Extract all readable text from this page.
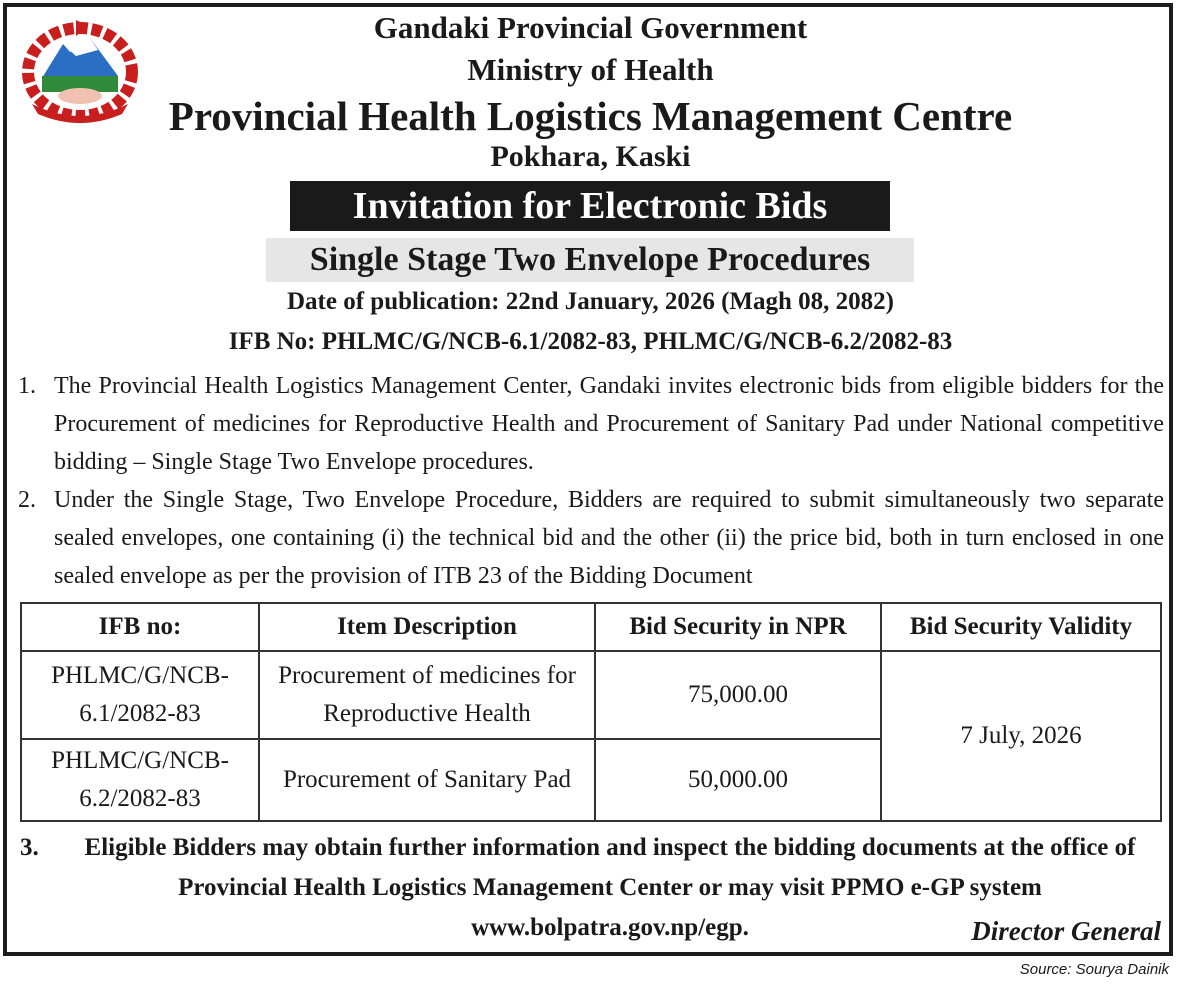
Gandaki Provincial Government
Ministry of Health
Provincial Health Logistics Management Centre
Pokhara, Kaski
Invitation for Electronic Bids
Single Stage Two Envelope Procedures
Date of publication: 22nd January, 2026 (Magh 08, 2082)
IFB No: PHLMC/G/NCB-6.1/2082-83, PHLMC/G/NCB-6.2/2082-83
1. The Provincial Health Logistics Management Center, Gandaki invites electronic bids from eligible bidders for the Procurement of medicines for Reproductive Health and Procurement of Sanitary Pad under National competitive bidding – Single Stage Two Envelope procedures.
2. Under the Single Stage, Two Envelope Procedure, Bidders are required to submit simultaneously two separate sealed envelopes, one containing (i) the technical bid and the other (ii) the price bid, both in turn enclosed in one sealed envelope as per the provision of ITB 23 of the Bidding Document
IFB no:	Item Description	Bid Security in NPR	Bid Security Validity
PHLMC/G/NCB-6.1/2082-83	Procurement of medicines for Reproductive Health	75,000.00	7 July, 2026
PHLMC/G/NCB-6.2/2082-83	Procurement of Sanitary Pad	50,000.00	
3.	Eligible Bidders may obtain further information and inspect the bidding documents at the office of Provincial Health Logistics Management Center or may visit PPMO e-GP system www.bolpatra.gov.np/egp.	Director General
Source: Sourya Dainik
